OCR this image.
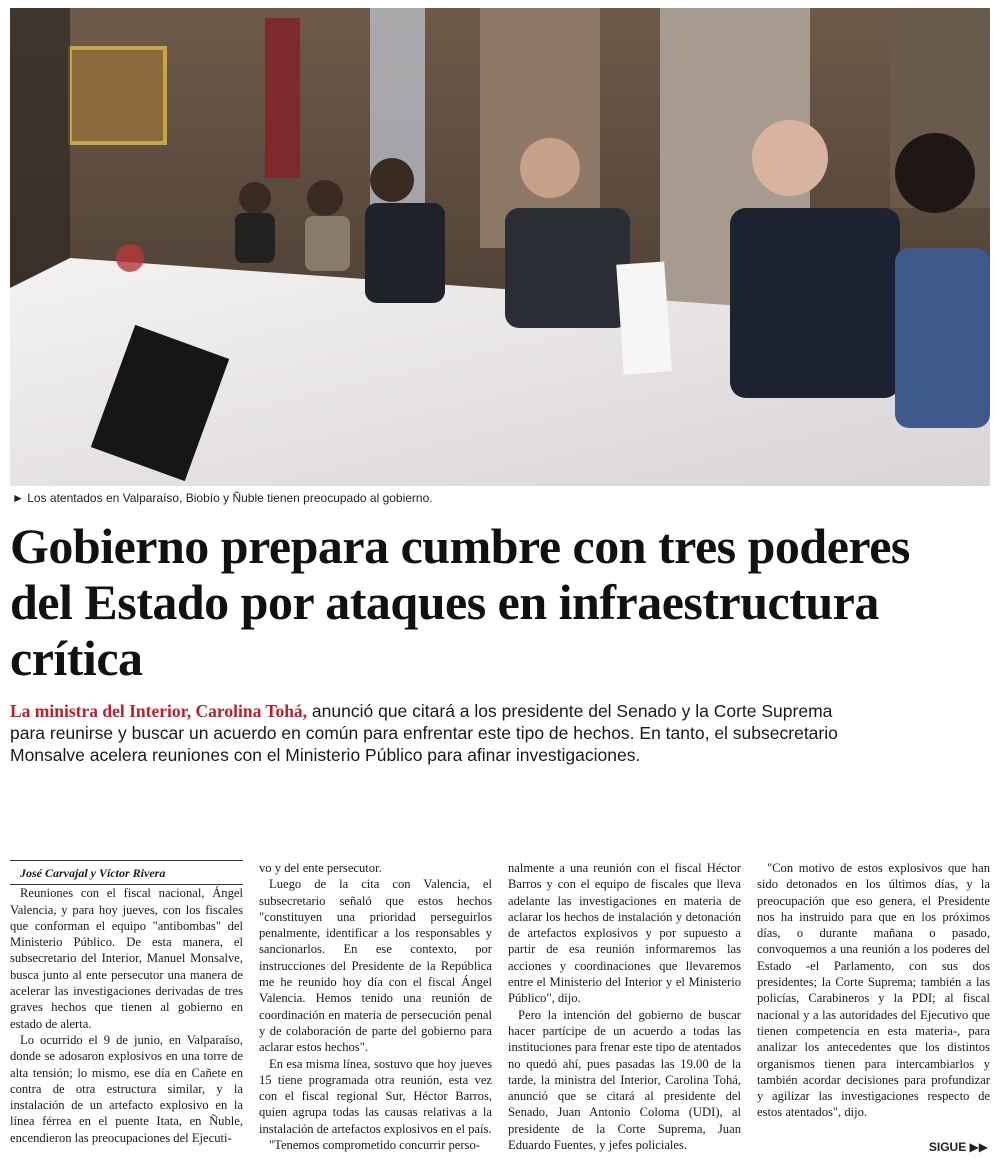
► Los atentados en Valparaíso, Biobío y Ñuble tienen preocupado al gobierno.
Gobierno prepara cumbre con tres poderes del Estado por ataques en infraestructura crítica

La ministra del Interior, Carolina Tohá, anunció que citará a los presidente del Senado y la Corte Suprema para reunirse y buscar un acuerdo en común para enfrentar este tipo de hechos. En tanto, el subsecretario Monsalve acelera reuniones con el Ministerio Público para afinar investigaciones.

José Carvajal y Víctor Rivera

Reuniones con el fiscal nacional, Ángel Valencia, y para hoy jueves, con los fiscales que conforman el equipo "antibombas" del Ministerio Público. De esta manera, el subsecretario del Interior, Manuel Monsalve, busca junto al ente persecutor una manera de acelerar las investigaciones derivadas de tres graves hechos que tienen al gobierno en estado de alerta.

Lo ocurrido el 9 de junio, en Valparaíso, donde se adosaron explosivos en una torre de alta tensión; lo mismo, ese día en Cañete en contra de otra estructura similar, y la instalación de un artefacto explosivo en la línea férrea en el puente Itata, en Ñuble, encendieron las preocupaciones del Ejecuti-

vo y del ente persecutor.

Luego de la cita con Valencia, el subsecretario señaló que estos hechos "constituyen una prioridad perseguirlos penalmente, identificar a los responsables y sancionarlos. En ese contexto, por instrucciones del Presidente de la República me he reunido hoy día con el fiscal Ángel Valencia. Hemos tenido una reunión de coordinación en materia de persecución penal y de colaboración de parte del gobierno para aclarar estos hechos".

En esa misma línea, sostuvo que hoy jueves 15 tiene programada otra reunión, esta vez con el fiscal regional Sur, Héctor Barros, quien agrupa todas las causas relativas a la instalación de artefactos explosivos en el país.

"Tenemos comprometido concurrir perso-

nalmente a una reunión con el fiscal Héctor Barros y con el equipo de fiscales que lleva adelante las investigaciones en materia de aclarar los hechos de instalación y detonación de artefactos explosivos y por supuesto a partir de esa reunión informaremos las acciones y coordinaciones que llevaremos entre el Ministerio del Interior y el Ministerio Público", dijo.

Pero la intención del gobierno de buscar hacer partícipe de un acuerdo a todas las instituciones para frenar este tipo de atentados no quedó ahí, pues pasadas las 19.00 de la tarde, la ministra del Interior, Carolina Tohá, anunció que se citará al presidente del Senado, Juan Antonio Coloma (UDI), al presidente de la Corte Suprema, Juan Eduardo Fuentes, y jefes policiales.

"Con motivo de estos explosivos que han sido detonados en los últimos días, y la preocupación que eso genera, el Presidente nos ha instruido para que en los próximos días, o durante mañana o pasado, convoquemos a una reunión a los poderes del Estado -el Parlamento, con sus dos presidentes; la Corte Suprema; también a las policías, Carabineros y la PDI; al fiscal nacional y a las autoridades del Ejecutivo que tienen competencia en esta materia-, para analizar los antecedentes que los distintos organismos tienen para intercambiarlos y también acordar decisiones para profundizar y agilizar las investigaciones respecto de estos atentados", dijo.

SIGUE ▶▶
